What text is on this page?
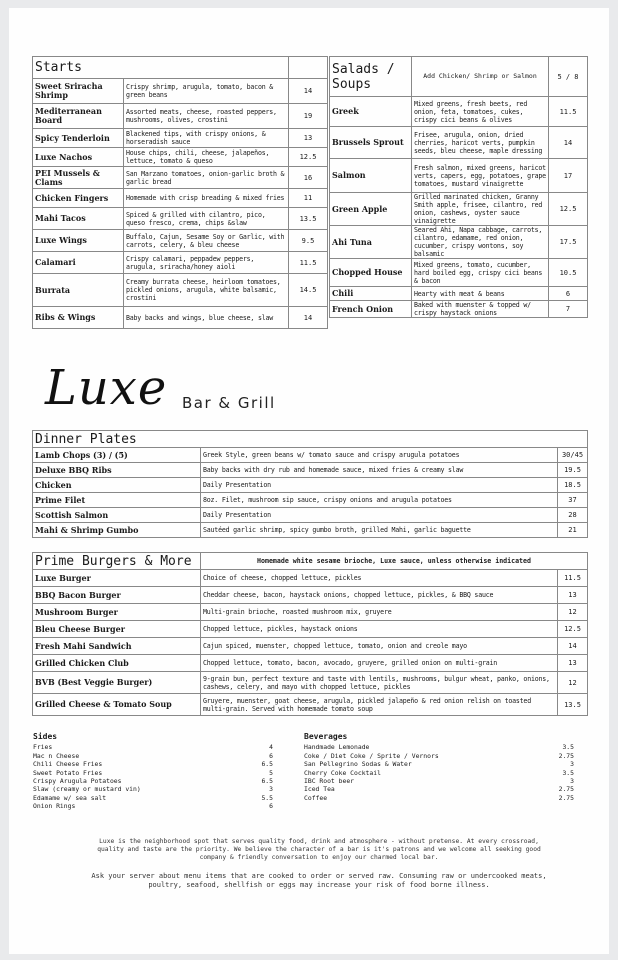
Starts		
Sweet Sriracha Shrimp	Crispy shrimp, arugula, tomato, bacon & green beans	14
Mediterranean Board	Assorted meats, cheese, roasted peppers, mushrooms, olives, crostini	19
Spicy Tenderloin	Blackened tips, with crispy onions, & horseradish sauce	13
Luxe Nachos	House chips, chili, cheese, jalapeños, lettuce, tomato & queso	12.5
PEI Mussels & Clams	San Marzano tomatoes, onion-garlic broth & garlic bread	16
Chicken Fingers	Homemade with crisp breading & mixed fries	11
Mahi Tacos	Spiced & grilled with cilantro, pico, queso fresco, crema, chips &slaw	13.5
Luxe Wings	Buffalo, Cajun, Sesame Soy or Garlic, with carrots, celery, & bleu cheese	9.5
Calamari	Crispy calamari, peppadew peppers, arugula, sriracha/honey aioli	11.5
Burrata	Creamy burrata cheese, heirloom tomatoes, pickled onions, arugula, white balsamic, crostini	14.5
Ribs & Wings	Baby backs and wings, blue cheese, slaw	14
Salads / Soups	Add Chicken/ Shrimp or Salmon	5 / 8
Greek	Mixed greens, fresh beets, red onion, feta, tomatoes, cukes, crispy cici beans & olives	11.5
Brussels Sprout	Frisee, arugula, onion, dried cherries, haricot verts, pumpkin seeds, bleu cheese, maple dressing	14
Salmon	Fresh salmon, mixed greens, haricot verts, capers, egg, potatoes, grape tomatoes, mustard vinaigrette	17
Green Apple	Grilled marinated chicken, Granny Smith apple, frisee, cilantro, red onion, cashews, oyster sauce vinaigrette	12.5
Ahi Tuna	Seared Ahi, Napa cabbage, carrots, cilantro, edamame, red onion, cucumber, crispy wontons, soy balsamic	17.5
Chopped House	Mixed greens, tomato, cucumber, hard boiled egg, crispy cici beans & bacon	10.5
Chili	Hearty with meat & beans	6
French Onion	Baked with muenster & topped w/ crispy haystack onions	7
Luxe Bar & Grill
Dinner Plates		
Lamb Chops (3) / (5)	Greek Style, green beans w/ tomato sauce and crispy arugula potatoes	30/45
Deluxe BBQ Ribs	Baby backs with dry rub and homemade sauce, mixed fries & creamy slaw	19.5
Chicken	Daily Presentation	18.5
Prime Filet	8oz. Filet, mushroom sip sauce, crispy onions and arugula potatoes	37
Scottish Salmon	Daily Presentation	28
Mahi & Shrimp Gumbo	Sautéed garlic shrimp, spicy gumbo broth, grilled Mahi, garlic baguette	21
Prime Burgers & More	Homemade white sesame brioche, Luxe sauce, unless otherwise indicated	
Luxe Burger	Choice of cheese, chopped lettuce, pickles	11.5
BBQ Bacon Burger	Cheddar cheese, bacon, haystack onions, chopped lettuce, pickles, & BBQ sauce	13
Mushroom Burger	Multi-grain brioche, roasted mushroom mix, gruyere	12
Bleu Cheese Burger	Chopped lettuce, pickles, haystack onions	12.5
Fresh Mahi Sandwich	Cajun spiced, muenster, chopped lettuce, tomato, onion and creole mayo	14
Grilled Chicken Club	Chopped lettuce, tomato, bacon, avocado, gruyere, grilled onion on multi-grain	13
BVB (Best Veggie Burger)	9-grain bun, perfect texture and taste with lentils, mushrooms, bulgur wheat, panko, onions, cashews, celery, and mayo with chopped lettuce, pickles	12
Grilled Cheese & Tomato Soup	Gruyere, muenster, goat cheese, arugula, pickled jalapeño & red onion relish on toasted multi-grain. Served with homemade tomato soup	13.5
Sides
Fries	4
Mac n Cheese	6
Chili Cheese Fries	6.5
Sweet Potato Fries	5
Crispy Arugula Potatoes	6.5
Slaw (creamy or mustard vin)	3
Edamame w/ sea salt	5.5
Onion Rings	6
Beverages
Handmade Lemonade	3.5
Coke / Diet Coke / Sprite / Vernors	2.75
San Pellegrino Sodas & Water	3
Cherry Coke Cocktail	3.5
IBC Root beer	3
Iced Tea	2.75
Coffee	2.75
Luxe is the neighborhood spot that serves quality food, drink and atmosphere - without pretense. At every crossroad, quality and taste are the priority. We believe the character of a bar is it's patrons and we welcome all seeking good company & friendly conversation to enjoy our charmed local bar.
Ask your server about menu items that are cooked to order or served raw. Consuming raw or undercooked meats, poultry, seafood, shellfish or eggs may increase your risk of food borne illness.
